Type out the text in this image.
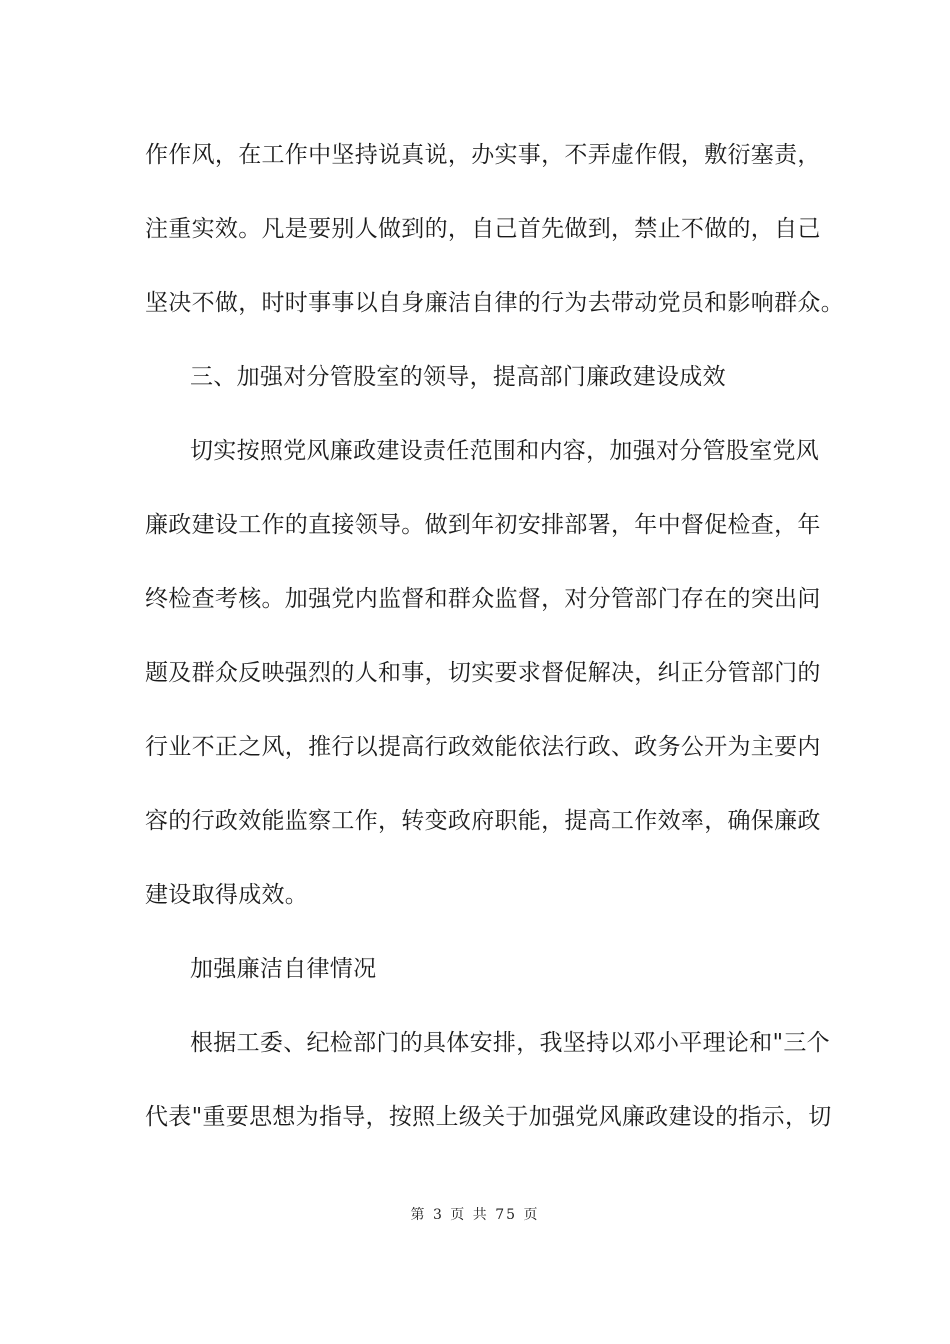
作作风，在工作中坚持说真说，办实事，不弄虚作假，敷衍塞责，
注重实效。凡是要别人做到的，自己首先做到，禁止不做的，自己
坚决不做，时时事事以自身廉洁自律的行为去带动党员和影响群众。
三、加强对分管股室的领导，提高部门廉政建设成效
切实按照党风廉政建设责任范围和内容，加强对分管股室党风
廉政建设工作的直接领导。做到年初安排部署，年中督促检查，年
终检查考核。加强党内监督和群众监督，对分管部门存在的突出问
题及群众反映强烈的人和事，切实要求督促解决，纠正分管部门的
行业不正之风，推行以提高行政效能依法行政、政务公开为主要内
容的行政效能监察工作，转变政府职能，提高工作效率，确保廉政
建设取得成效。
加强廉洁自律情况
根据工委、纪检部门的具体安排，我坚持以邓小平理论和"三个
代表"重要思想为指导，按照上级关于加强党风廉政建设的指示，切
第 3 页 共 75 页
